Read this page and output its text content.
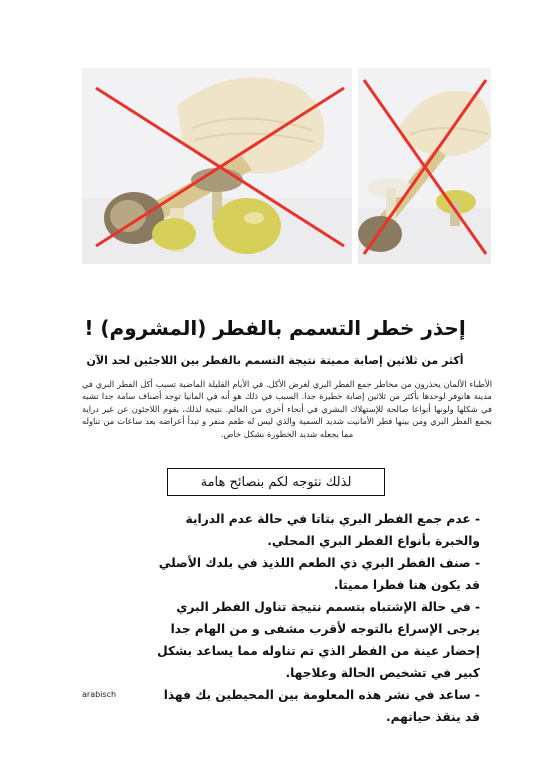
إحذر خطر التسمم بالفطر (المشروم) !

أكثر من ثلاثين إصابة مميتة نتيجة التسمم بالفطر بين اللاجئين لحد الآن

الأطباء الألمان يحذرون من مخاطر جمع الفطر البري لغرض الأكل. في الأيام القليلة الماضية تسبب أكل الفطر البري في مدينة هانوفر لوحدها بأكثر من ثلاثين إصابة خطيرة جدا. السبب في ذلك هو أنه في المانيا توجد أصناف سامة جدا تشبه في شكلها ولونها أنواعا صالحة للإستهلاك البشري في أنحاء أخرى من العالم. نتيجة لذلك، يقوم اللاجئون عن غير دراية بجمع الفطر البري ومن بينها فطر الأمانيت شديد السمية والذي ليس له طعم منفر و تبدأ أعراضه بعد ساعات من تناوله مما يجعله شديد الخطورة بشكل خاص.

لذلك نتوجه لكم بنصائح هامة
- عدم جمع الفطر البري بتاتا في حالة عدم الدراية والخبرة بأنواع الفطر البري المحلي.
- صنف الفطر البري ذي الطعم اللذيذ في بلدك الأصلي قد يكون هنا فطرا مميتا.
- في حالة الإشتباه بتسمم نتيجة تناول الفطر البري يرجى الإسراع بالتوجه لأقرب مشفى و من الهام جدا إحضار عينة من الفطر الذي تم تناوله مما يساعد بشكل كبير في تشخيص الحالة وعلاجها.
- ساعد في نشر هذه المعلومة بين المحيطين بك فهذا قد ينقذ حياتهم.

arabisch
